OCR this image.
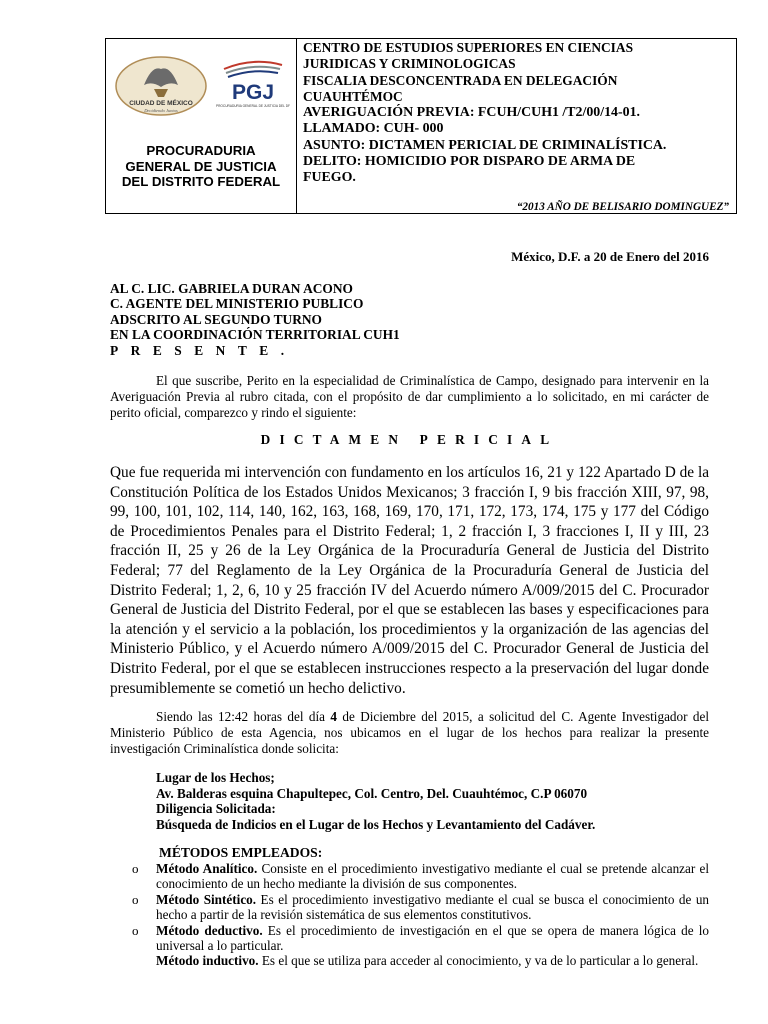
CIUDAD DE MÉXICO
Decidiendo Juntos
PGJ
PROCURADURIA GENERAL DE JUSTICIA DEL DF
PROCURADURIA
GENERAL DE JUSTICIA
DEL DISTRITO FEDERAL
CENTRO DE ESTUDIOS SUPERIORES EN CIENCIAS
JURIDICAS Y CRIMINOLOGICAS
FISCALIA DESCONCENTRADA EN DELEGACIÓN
CUAUHTÉMOC
AVERIGUACIÓN PREVIA: FCUH/CUH1 /T2/00/14-01.
LLAMADO: CUH- 000
ASUNTO: DICTAMEN PERICIAL DE CRIMINALÍSTICA.
DELITO: HOMICIDIO POR DISPARO DE ARMA DE
FUEGO.
“2013 AÑO DE BELISARIO DOMINGUEZ”
México, D.F. a 20 de Enero del 2016
AL C. LIC. GABRIELA DURAN ACONO
C. AGENTE DEL MINISTERIO PUBLICO
ADSCRITO AL SEGUNDO TURNO
EN LA COORDINACIÓN TERRITORIAL CUH1
PRESENTE.
El que suscribe, Perito en la especialidad de Criminalística de Campo, designado para intervenir en la Averiguación Previa al rubro citada, con el propósito de dar cumplimiento a lo solicitado, en mi carácter de perito oficial, comparezco y rindo el siguiente:
DICTAMEN PERICIAL
Que fue requerida mi intervención con fundamento en los artículos 16, 21 y 122 Apartado D de la Constitución Política de los Estados Unidos Mexicanos; 3 fracción I, 9 bis fracción XIII, 97, 98, 99, 100, 101, 102, 114, 140, 162, 163, 168, 169, 170, 171, 172, 173, 174, 175 y 177 del Código de Procedimientos Penales para el Distrito Federal; 1, 2 fracción I, 3 fracciones I, II y III, 23 fracción II, 25 y 26 de la Ley Orgánica de la Procuraduría General de Justicia del Distrito Federal; 77 del Reglamento de la Ley Orgánica de la Procuraduría General de Justicia del Distrito Federal; 1, 2, 6, 10 y 25 fracción IV del Acuerdo número A/009/2015 del C. Procurador General de Justicia del Distrito Federal, por el que se establecen las bases y especificaciones para la atención y el servicio a la población, los procedimientos y la organización de las agencias del Ministerio Público, y el Acuerdo número A/009/2015 del C. Procurador General de Justicia del Distrito Federal, por el que se establecen instrucciones respecto a la preservación del lugar donde presumiblemente se cometió un hecho delictivo.
Siendo las 12:42 horas del día 4 de Diciembre del 2015, a solicitud del C. Agente Investigador del Ministerio Público de esta Agencia, nos ubicamos en el lugar de los hechos para realizar la presente investigación Criminalística donde solicita:
Lugar de los Hechos;
Av. Balderas esquina Chapultepec, Col. Centro, Del. Cuauhtémoc, C.P 06070
Diligencia Solicitada:
Búsqueda de Indicios en el Lugar de los Hechos y Levantamiento del Cadáver.
MÉTODOS EMPLEADOS:
o Método Analítico. Consiste en el procedimiento investigativo mediante el cual se pretende alcanzar el conocimiento de un hecho mediante la división de sus componentes.
o Método Sintético. Es el procedimiento investigativo mediante el cual se busca el conocimiento de un hecho a partir de la revisión sistemática de sus elementos constitutivos.
o Método deductivo. Es el procedimiento de investigación en el que se opera de manera lógica de lo universal a lo particular.
Método inductivo. Es el que se utiliza para acceder al conocimiento, y va de lo particular a lo general.
